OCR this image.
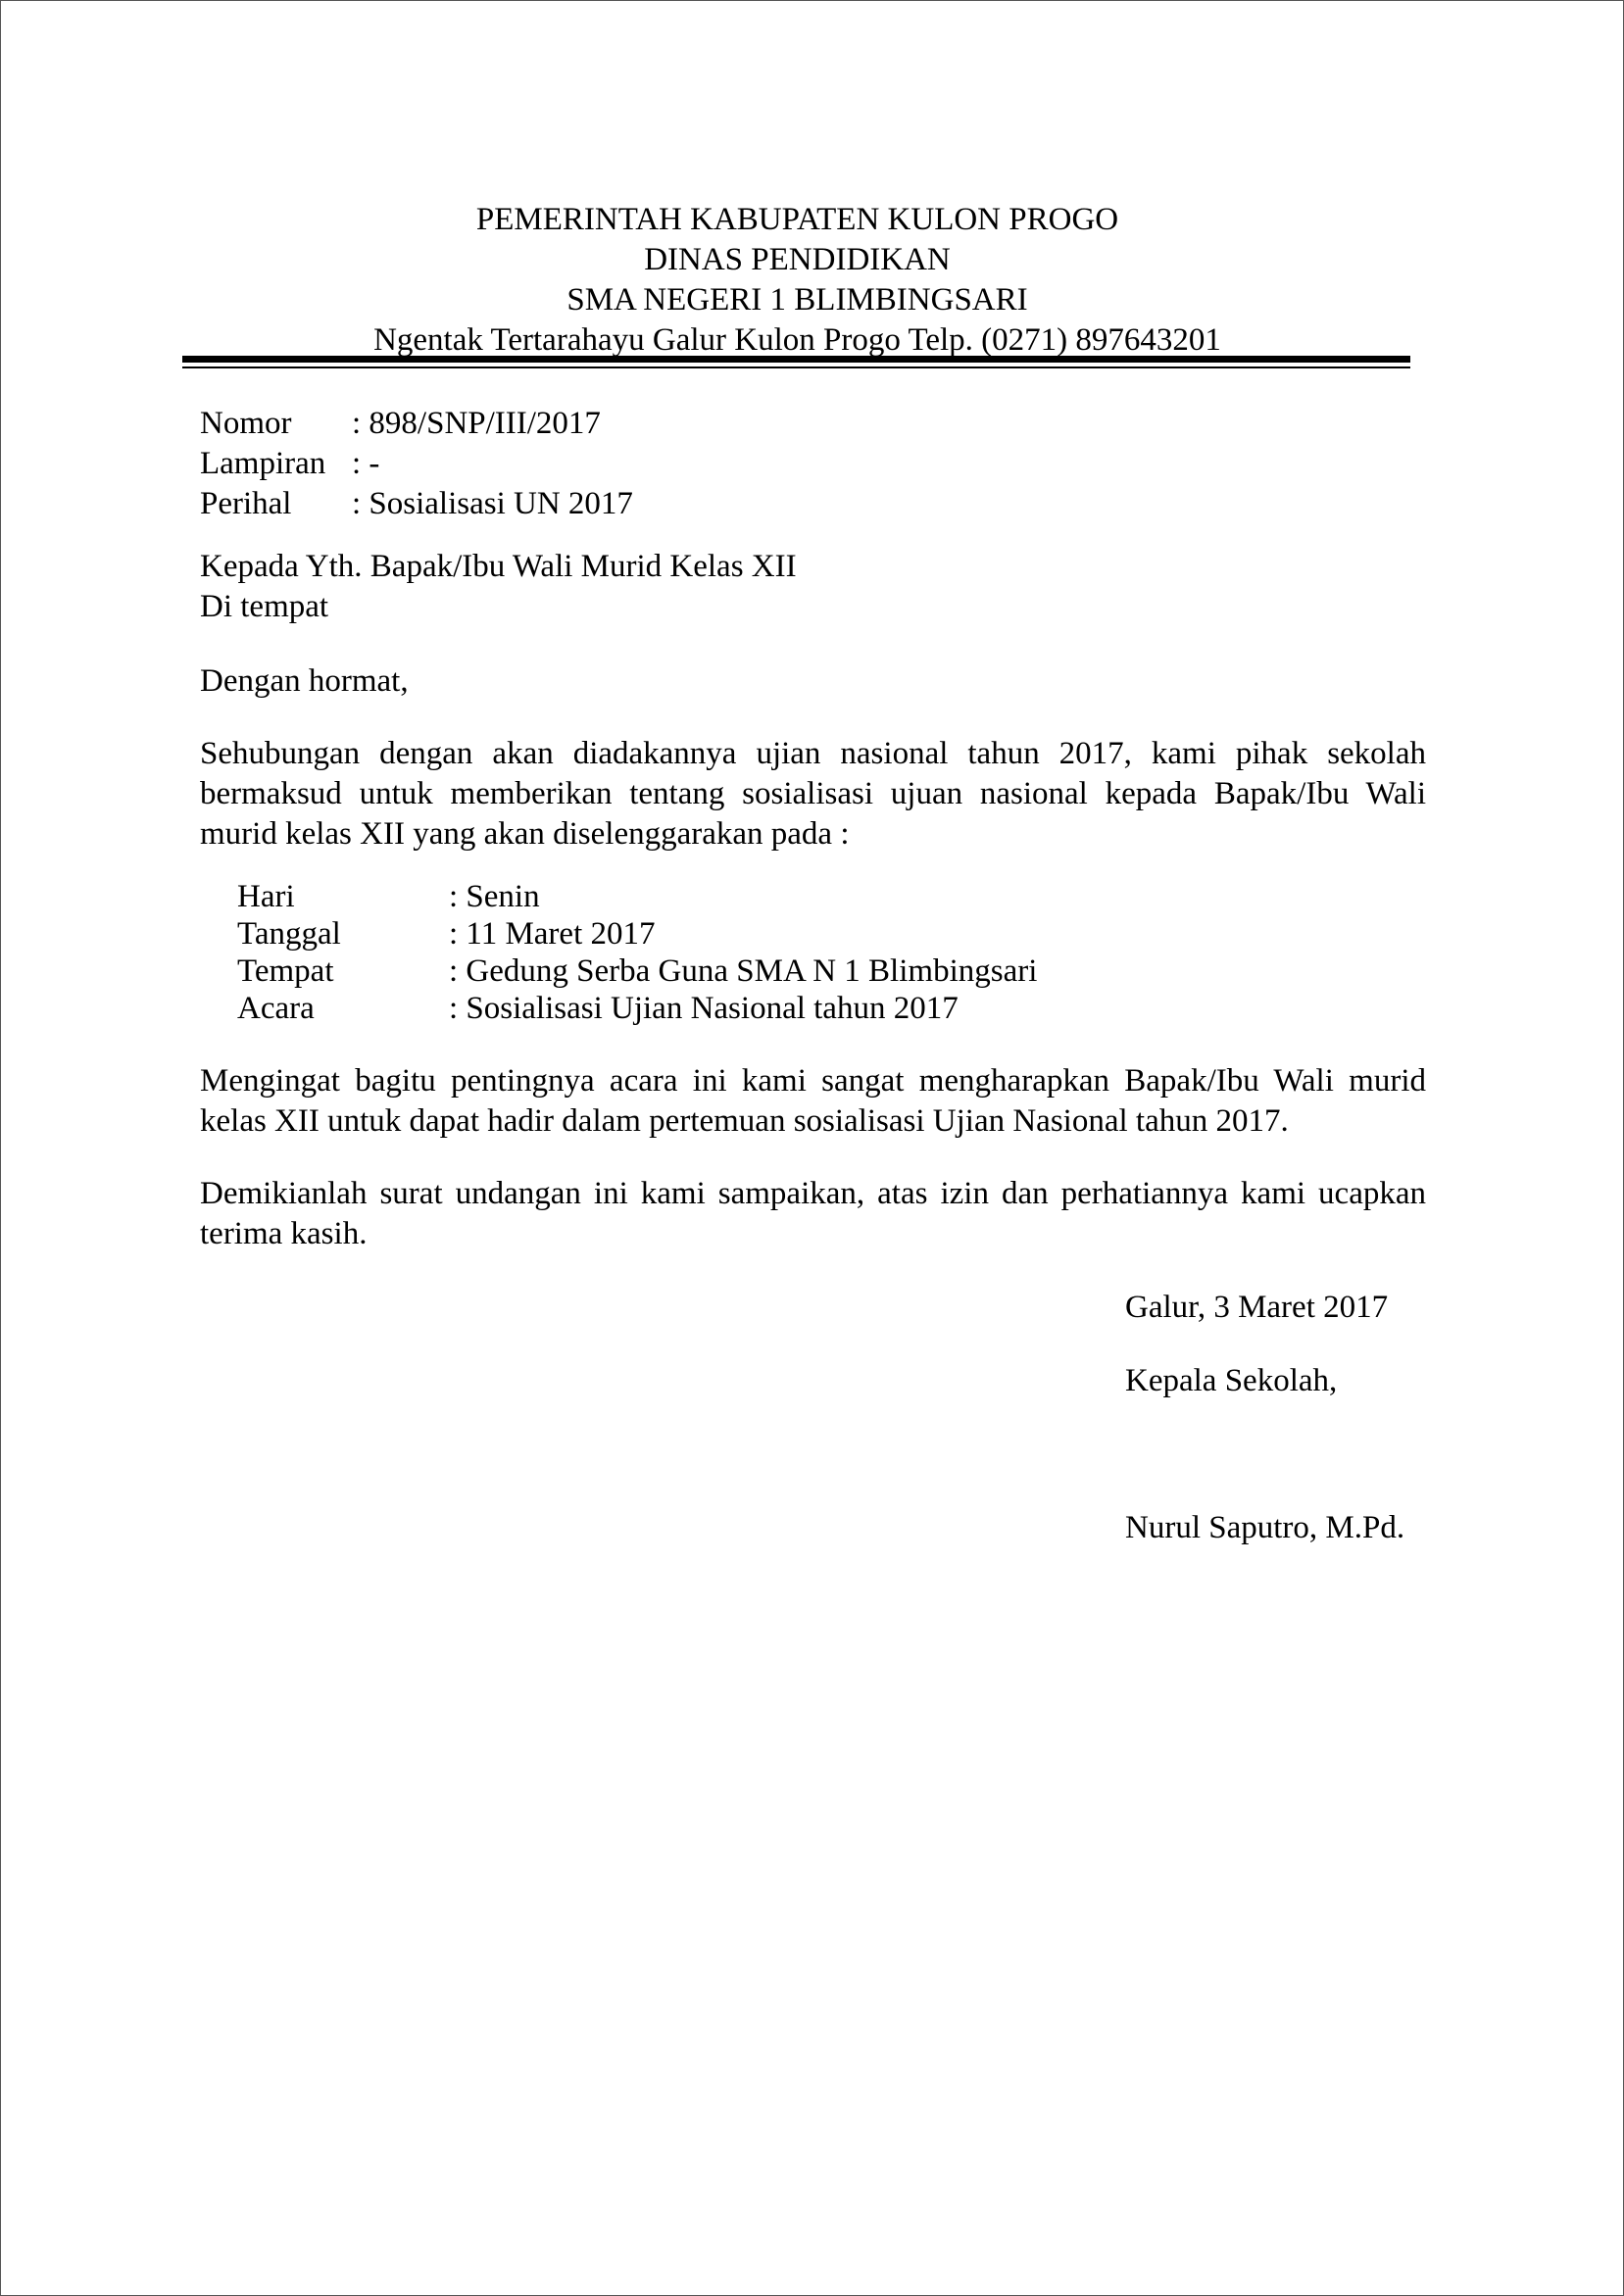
PEMERINTAH KABUPATEN KULON PROGO
DINAS PENDIDIKAN
SMA NEGERI 1 BLIMBINGSARI
Ngentak Tertarahayu Galur Kulon Progo Telp. (0271) 897643201
Nomor : 898/SNP/III/2017
Lampiran : -
Perihal : Sosialisasi UN 2017
Kepada Yth. Bapak/Ibu Wali Murid Kelas XII
Di tempat
Dengan hormat,
Sehubungan dengan akan diadakannya ujian nasional tahun 2017, kami pihak sekolah
bermaksud untuk memberikan tentang sosialisasi ujuan nasional kepada Bapak/Ibu Wali
murid kelas XII yang akan diselenggarakan pada :
Hari	: Senin
Tanggal	: 11 Maret 2017
Tempat	: Gedung Serba Guna SMA N 1 Blimbingsari
Acara	: Sosialisasi Ujian Nasional tahun 2017
Mengingat bagitu pentingnya acara ini kami sangat mengharapkan Bapak/Ibu Wali murid
kelas XII untuk dapat hadir dalam pertemuan sosialisasi Ujian Nasional tahun 2017.
Demikianlah surat undangan ini kami sampaikan, atas izin dan perhatiannya kami ucapkan
terima kasih.
Galur, 3 Maret 2017
Kepala Sekolah,
Nurul Saputro, M.Pd.
